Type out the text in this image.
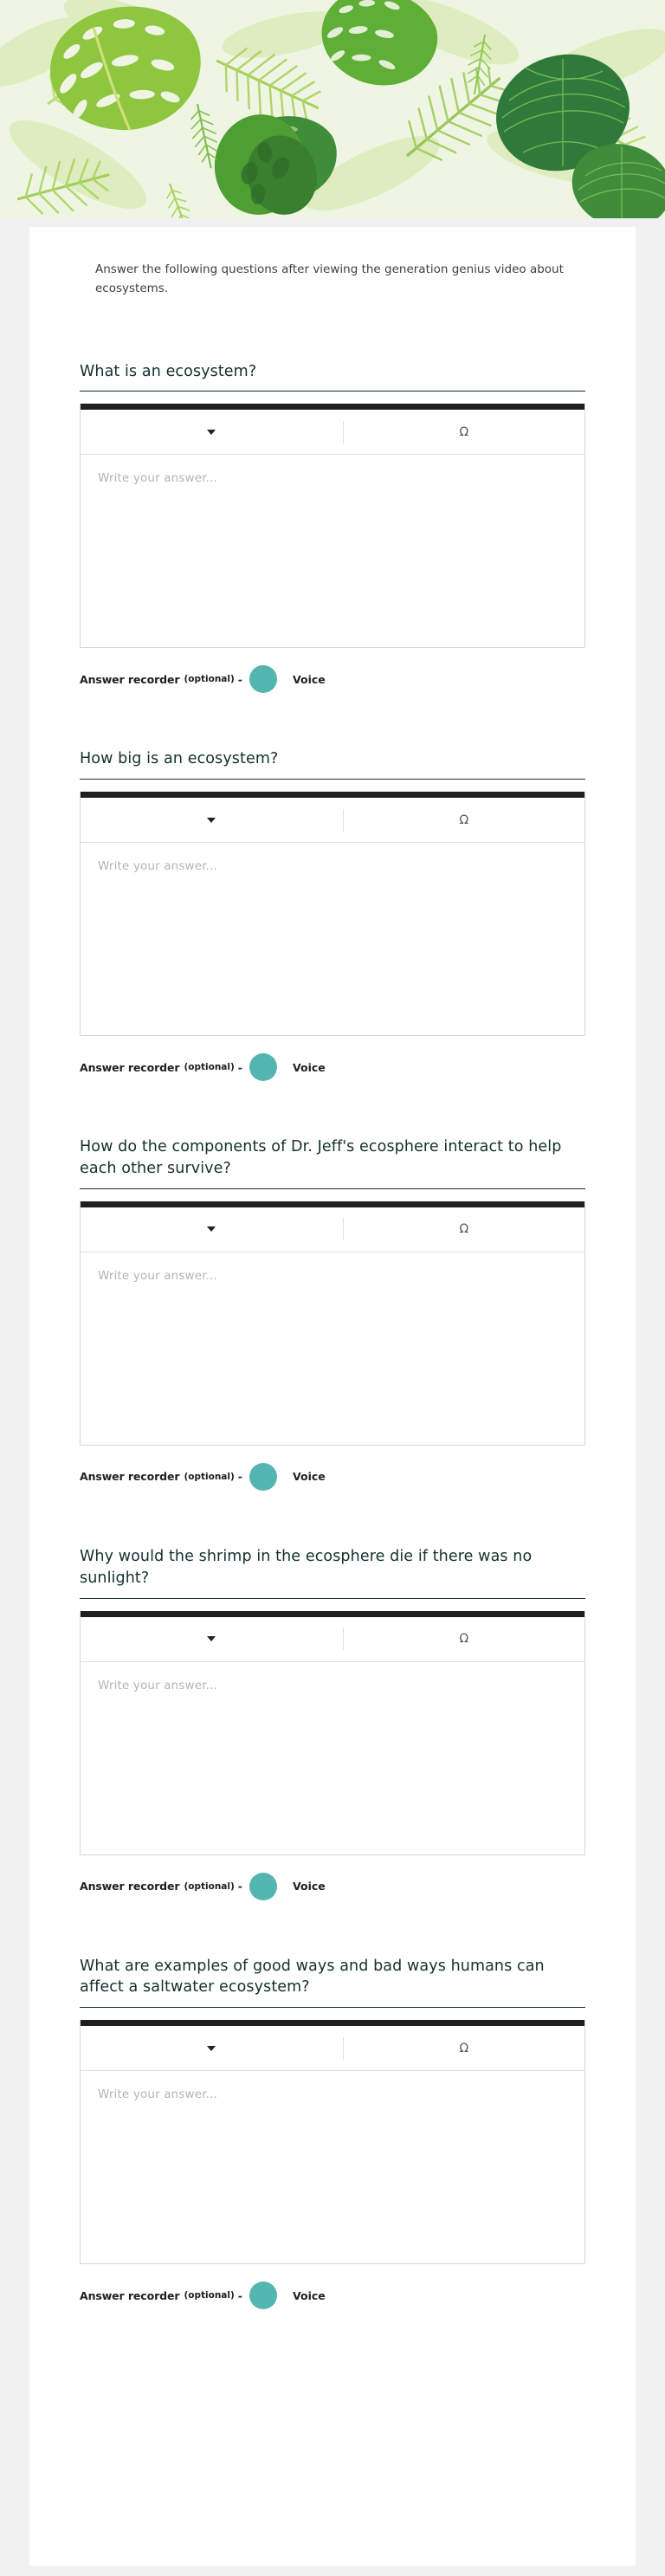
Answer the following questions after viewing the generation genius video about ecosystems.
What is an ecosystem?
Ω
Write your answer...
Answer recorder (optional) -	Voice
How big is an ecosystem?
Ω
Write your answer...
Answer recorder (optional) -	Voice
How do the components of Dr. Jeff's ecosphere interact to help each other survive?
Ω
Write your answer...
Answer recorder (optional) -	Voice
Why would the shrimp in the ecosphere die if there was no sunlight?
Ω
Write your answer...
Answer recorder (optional) -	Voice
What are examples of good ways and bad ways humans can affect a saltwater ecosystem?
Ω
Write your answer...
Answer recorder (optional) -	Voice
